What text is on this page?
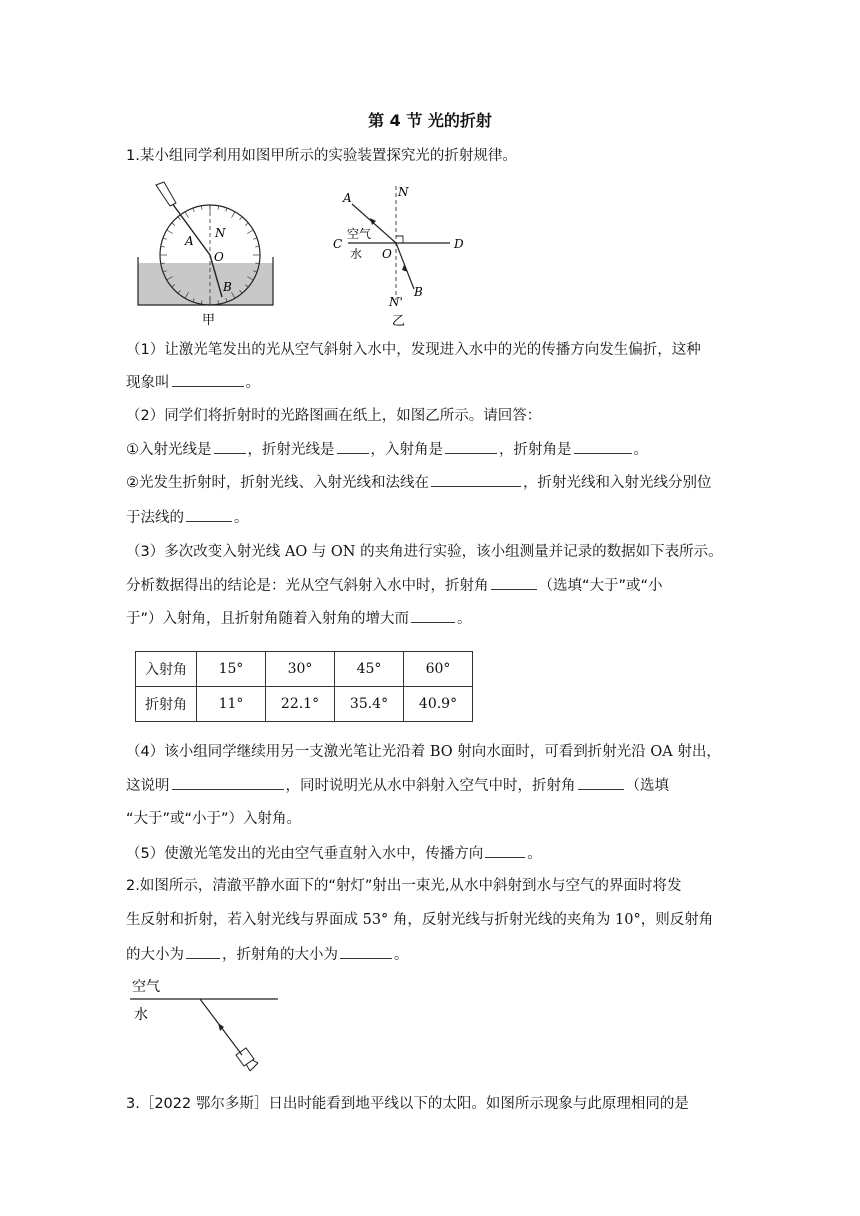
第 4 节 光的折射
1.某小组同学利用如图甲所示的实验装置探究光的折射规律。
A
N
O
B
甲
A	N
C
空气
水 O
D
N'
B
乙
（1）让激光笔发出的光从空气斜射入水中，发现进入水中的光的传播方向发生偏折，这种
现象叫	。
（2）同学们将折射时的光路图画在纸上，如图乙所示。请回答：
①入射光线是 ，折射光线是 ，入射角是	，折射角是	。
②光发生折射时，折射光线、入射光线和法线在	，折射光线和入射光线分别位
于法线的	。
（3）多次改变入射光线 AO 与 ON 的夹角进行实验，该小组测量并记录的数据如下表所示。
分析数据得出的结论是：光从空气斜射入水中时，折射角	（选填“大于”或“小
于”）入射角，且折射角随着入射角的增大而	。
入射角	15°	30°	45°	60°
折射角	11°	22.1°	35.4°	40.9°
（4）该小组同学继续用另一支激光笔让光沿着 BO 射向水面时，可看到折射光沿 OA 射出，
这说明	，同时说明光从水中斜射入空气中时，折射角	（选填
“大于”或“小于”）入射角。
（5）使激光笔发出的光由空气垂直射入水中，传播方向	。
2.如图所示，清澈平静水面下的“射灯”射出一束光,从水中斜射到水与空气的界面时将发
生反射和折射，若入射光线与界面成 53° 角，反射光线与折射光线的夹角为 10°，则反射角
的大小为	，折射角的大小为	。
空气
水
3.［2022 鄂尔多斯］日出时能看到地平线以下的太阳。如图所示现象与此原理相同的是
